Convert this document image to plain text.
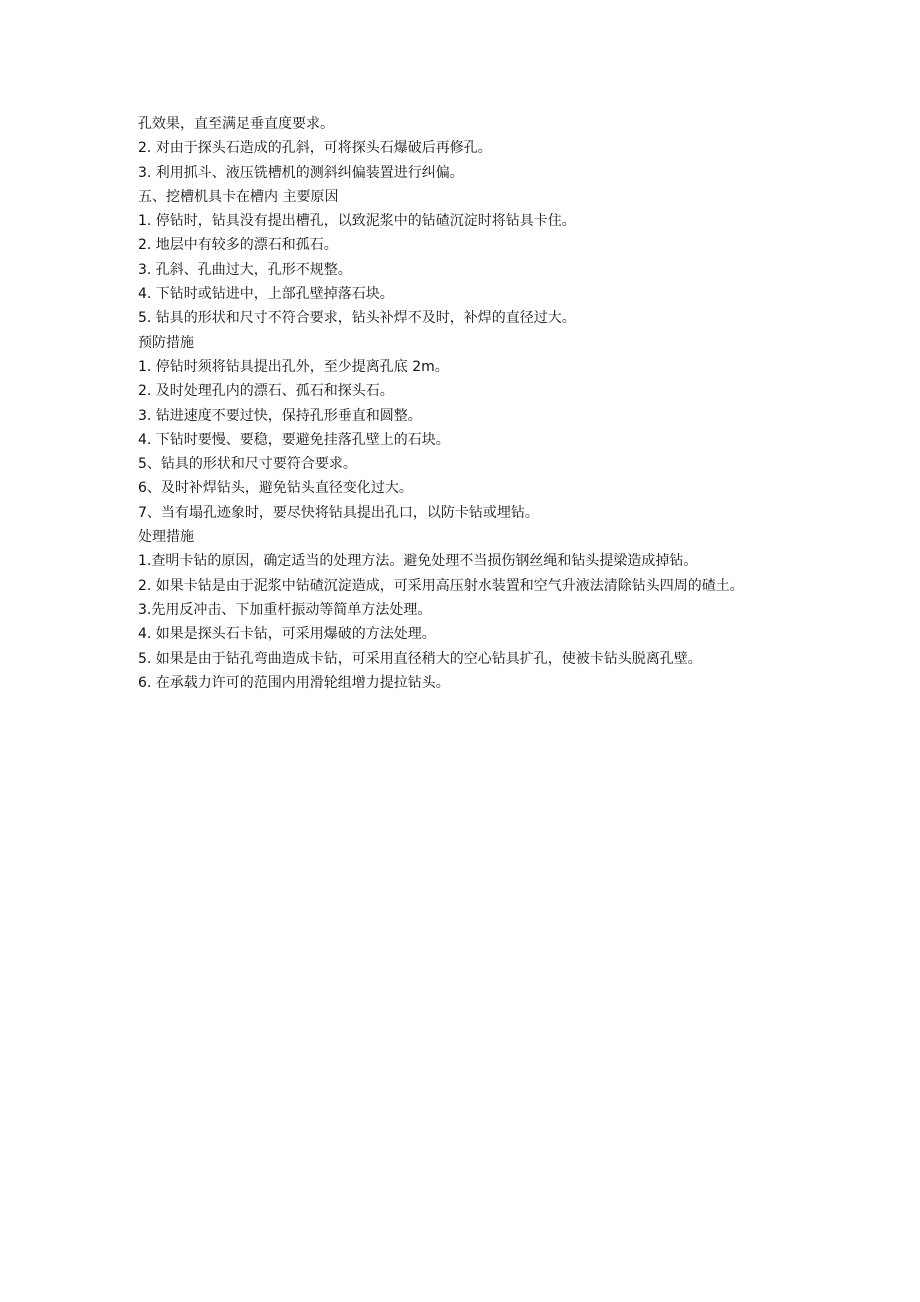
孔效果，直至满足垂直度要求。

2. 对由于探头石造成的孔斜，可将探头石爆破后再修孔。

3. 利用抓斗、液压铣槽机的测斜纠偏装置进行纠偏。

五、挖槽机具卡在槽内 主要原因

1. 停钻时，钻具没有提出槽孔，以致泥浆中的钻碴沉淀时将钻具卡住。

2. 地层中有较多的漂石和孤石。

3. 孔斜、孔曲过大，孔形不规整。

4. 下钻时或钻进中，上部孔壁掉落石块。

5. 钻具的形状和尺寸不符合要求，钻头补焊不及时，补焊的直径过大。

预防措施

1. 停钻时须将钻具提出孔外，至少提离孔底 2m。

2. 及时处理孔内的漂石、孤石和探头石。

3. 钻进速度不要过快，保持孔形垂直和圆整。

4. 下钻时要慢、要稳，要避免挂落孔壁上的石块。

5、钻具的形状和尺寸要符合要求。

6、及时补焊钻头，避免钻头直径变化过大。

7、当有塌孔迹象时，要尽快将钻具提出孔口，以防卡钻或埋钻。

处理措施

1.查明卡钻的原因，确定适当的处理方法。避免处理不当损伤钢丝绳和钻头提梁造成掉钻。

2. 如果卡钻是由于泥浆中钻碴沉淀造成，可采用高压射水装置和空气升液法清除钻头四周的碴土。

3.先用反冲击、下加重杆振动等简单方法处理。

4. 如果是探头石卡钻，可采用爆破的方法处理。

5. 如果是由于钻孔弯曲造成卡钻，可采用直径稍大的空心钻具扩孔，使被卡钻头脱离孔壁。

6. 在承载力许可的范围内用滑轮组增力提拉钻头。
